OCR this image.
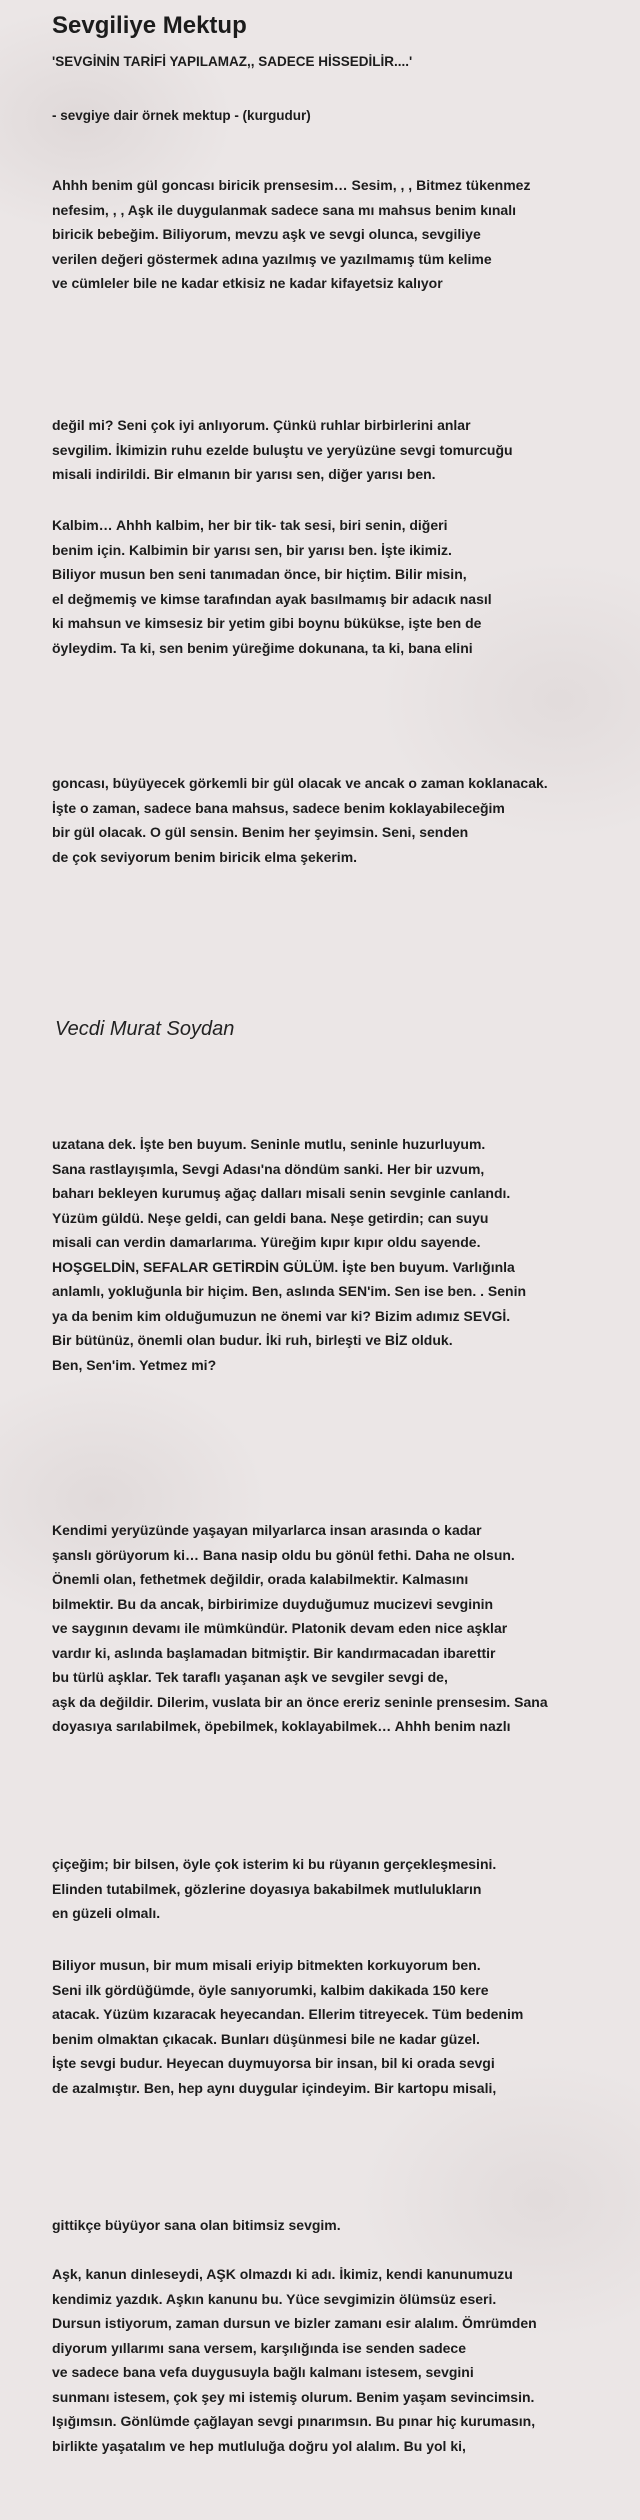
Sevgiliye Mektup
'SEVGİNİN TARİFİ YAPILAMAZ,, SADECE HİSSEDİLİR....'
- sevgiye dair örnek mektup - (kurgudur)
Ahhh benim gül goncası biricik prensesim… Sesim, , , Bitmez tükenmez
nefesim, , , Aşk ile duygulanmak sadece sana mı mahsus benim kınalı
biricik bebeğim. Biliyorum, mevzu aşk ve sevgi olunca, sevgiliye
verilen değeri göstermek adına yazılmış ve yazılmamış tüm kelime
ve cümleler bile ne kadar etkisiz ne kadar kifayetsiz kalıyor
değil mi? Seni çok iyi anlıyorum. Çünkü ruhlar birbirlerini anlar
sevgilim. İkimizin ruhu ezelde buluştu ve yeryüzüne sevgi tomurcuğu
misali indirildi. Bir elmanın bir yarısı sen, diğer yarısı ben.
Kalbim… Ahhh kalbim, her bir tik- tak sesi, biri senin, diğeri
benim için. Kalbimin bir yarısı sen, bir yarısı ben. İşte ikimiz.
Biliyor musun ben seni tanımadan önce, bir hiçtim. Bilir misin,
el değmemiş ve kimse tarafından ayak basılmamış bir adacık nasıl
ki mahsun ve kimsesiz bir yetim gibi boynu bükükse, işte ben de
öyleydim. Ta ki, sen benim yüreğime dokunana, ta ki, bana elini
goncası, büyüyecek görkemli bir gül olacak ve ancak o zaman koklanacak.
İşte o zaman, sadece bana mahsus, sadece benim koklayabileceğim
bir gül olacak. O gül sensin. Benim her şeyimsin. Seni, senden
de çok seviyorum benim biricik elma şekerim.
Vecdi Murat Soydan
uzatana dek. İşte ben buyum. Seninle mutlu, seninle huzurluyum.
Sana rastlayışımla, Sevgi Adası'na döndüm sanki. Her bir uzvum,
baharı bekleyen kurumuş ağaç dalları misali senin sevginle canlandı.
Yüzüm güldü. Neşe geldi, can geldi bana. Neşe getirdin; can suyu
misali can verdin damarlarıma. Yüreğim kıpır kıpır oldu sayende.
HOŞGELDİN, SEFALAR GETİRDİN GÜLÜM. İşte ben buyum. Varlığınla
anlamlı, yokluğunla bir hiçim. Ben, aslında SEN'im. Sen ise ben. . Senin
ya da benim kim olduğumuzun ne önemi var ki? Bizim adımız SEVGİ.
Bir bütünüz, önemli olan budur. İki ruh, birleşti ve BİZ olduk.
Ben, Sen'im. Yetmez mi?
Kendimi yeryüzünde yaşayan milyarlarca insan arasında o kadar
şanslı görüyorum ki… Bana nasip oldu bu gönül fethi. Daha ne olsun.
Önemli olan, fethetmek değildir, orada kalabilmektir. Kalmasını
bilmektir. Bu da ancak, birbirimize duyduğumuz mucizevi sevginin
ve saygının devamı ile mümkündür. Platonik devam eden nice aşklar
vardır ki, aslında başlamadan bitmiştir. Bir kandırmacadan ibarettir
bu türlü aşklar. Tek taraflı yaşanan aşk ve sevgiler sevgi de,
aşk da değildir. Dilerim, vuslata bir an önce ereriz seninle prensesim. Sana
doyasıya sarılabilmek, öpebilmek, koklayabilmek… Ahhh benim nazlı
çiçeğim; bir bilsen, öyle çok isterim ki bu rüyanın gerçekleşmesini.
Elinden tutabilmek, gözlerine doyasıya bakabilmek mutlulukların
en güzeli olmalı.
Biliyor musun, bir mum misali eriyip bitmekten korkuyorum ben.
Seni ilk gördüğümde, öyle sanıyorumki, kalbim dakikada 150 kere
atacak. Yüzüm kızaracak heyecandan. Ellerim titreyecek. Tüm bedenim
benim olmaktan çıkacak. Bunları düşünmesi bile ne kadar güzel.
İşte sevgi budur. Heyecan duymuyorsa bir insan, bil ki orada sevgi
de azalmıştır. Ben, hep aynı duygular içindeyim. Bir kartopu misali,
gittikçe büyüyor sana olan bitimsiz sevgim.
Aşk, kanun dinleseydi, AŞK olmazdı ki adı. İkimiz, kendi kanunumuzu
kendimiz yazdık. Aşkın kanunu bu. Yüce sevgimizin ölümsüz eseri.
Dursun istiyorum, zaman dursun ve bizler zamanı esir alalım. Ömrümden
diyorum yıllarımı sana versem, karşılığında ise senden sadece
ve sadece bana vefa duygusuyla bağlı kalmanı istesem, sevgini
sunmanı istesem, çok şey mi istemiş olurum. Benim yaşam sevincimsin.
Işığımsın. Gönlümde çağlayan sevgi pınarımsın. Bu pınar hiç kurumasın,
birlikte yaşatalım ve hep mutluluğa doğru yol alalım. Bu yol ki,
